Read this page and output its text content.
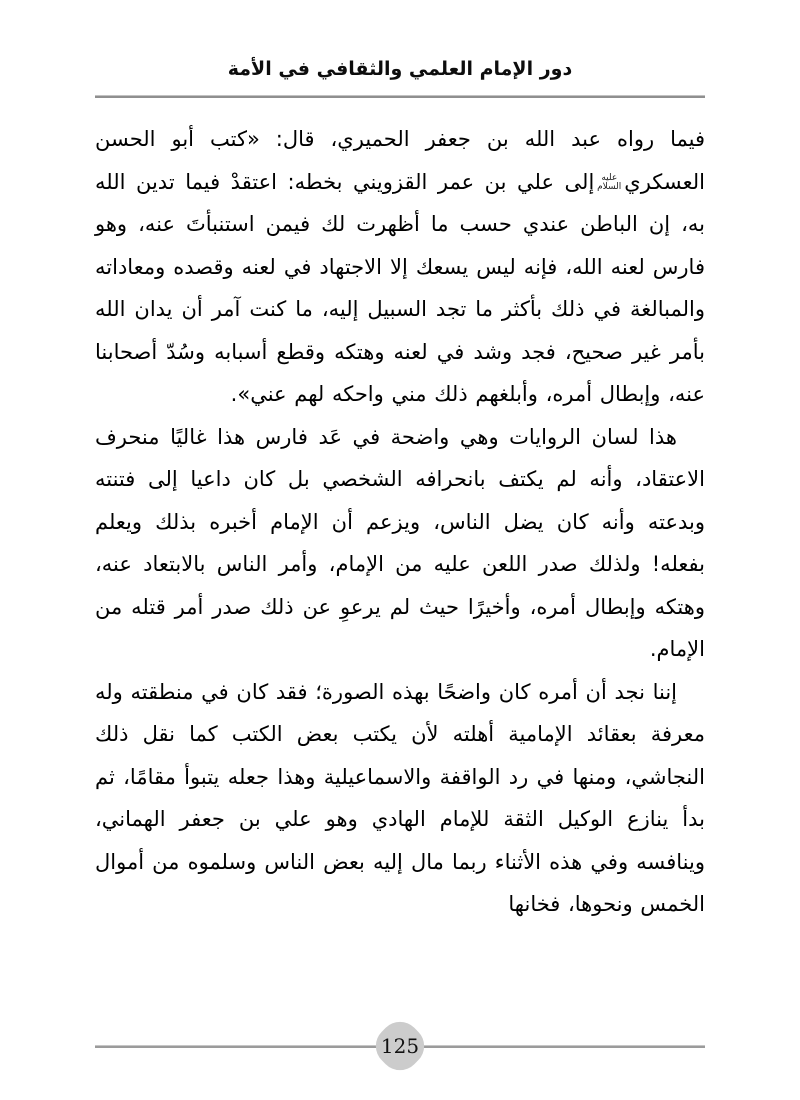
دور الإمام العلمي والثقافي في الأمة

فيما رواه عبد الله بن جعفر الحميري، قال: «كتب أبو الحسن العسكريعليه السلامإلى علي بن عمر القزويني بخطه: اعتقدْ فيما تدين الله به، إن الباطن عندي حسب ما أظهرت لك فيمن استنبأتَ عنه، وهو فارس لعنه الله، فإنه ليس يسعك إلا الاجتهاد في لعنه وقصده ومعاداته والمبالغة في ذلك بأكثر ما تجد السبيل إليه، ما كنت آمر أن يدان الله بأمر غير صحيح، فجد وشد في لعنه وهتكه وقطع أسبابه وسُدّ أصحابنا عنه، وإبطال أمره، وأبلغهم ذلك مني واحكه لهم عني».

هذا لسان الروايات وهي واضحة في عَد فارس هذا غاليًا منحرف الاعتقاد، وأنه لم يكتف بانحرافه الشخصي بل كان داعيا إلى فتنته وبدعته وأنه كان يضل الناس، ويزعم أن الإمام أخبره بذلك ويعلم بفعله! ولذلك صدر اللعن عليه من الإمام، وأمر الناس بالابتعاد عنه، وهتكه وإبطال أمره، وأخيرًا حيث لم يرعوِ عن ذلك صدر أمر قتله من الإمام.

إننا نجد أن أمره كان واضحًا بهذه الصورة؛ فقد كان في منطقته وله معرفة بعقائد الإمامية أهلته لأن يكتب بعض الكتب كما نقل ذلك النجاشي، ومنها في رد الواقفة والاسماعيلية وهذا جعله يتبوأ مقامًا، ثم بدأ ينازع الوكيل الثقة للإمام الهادي وهو علي بن جعفر الهماني، وينافسه وفي هذه الأثناء ربما مال إليه بعض الناس وسلموه من أموال الخمس ونحوها، فخانها

125
